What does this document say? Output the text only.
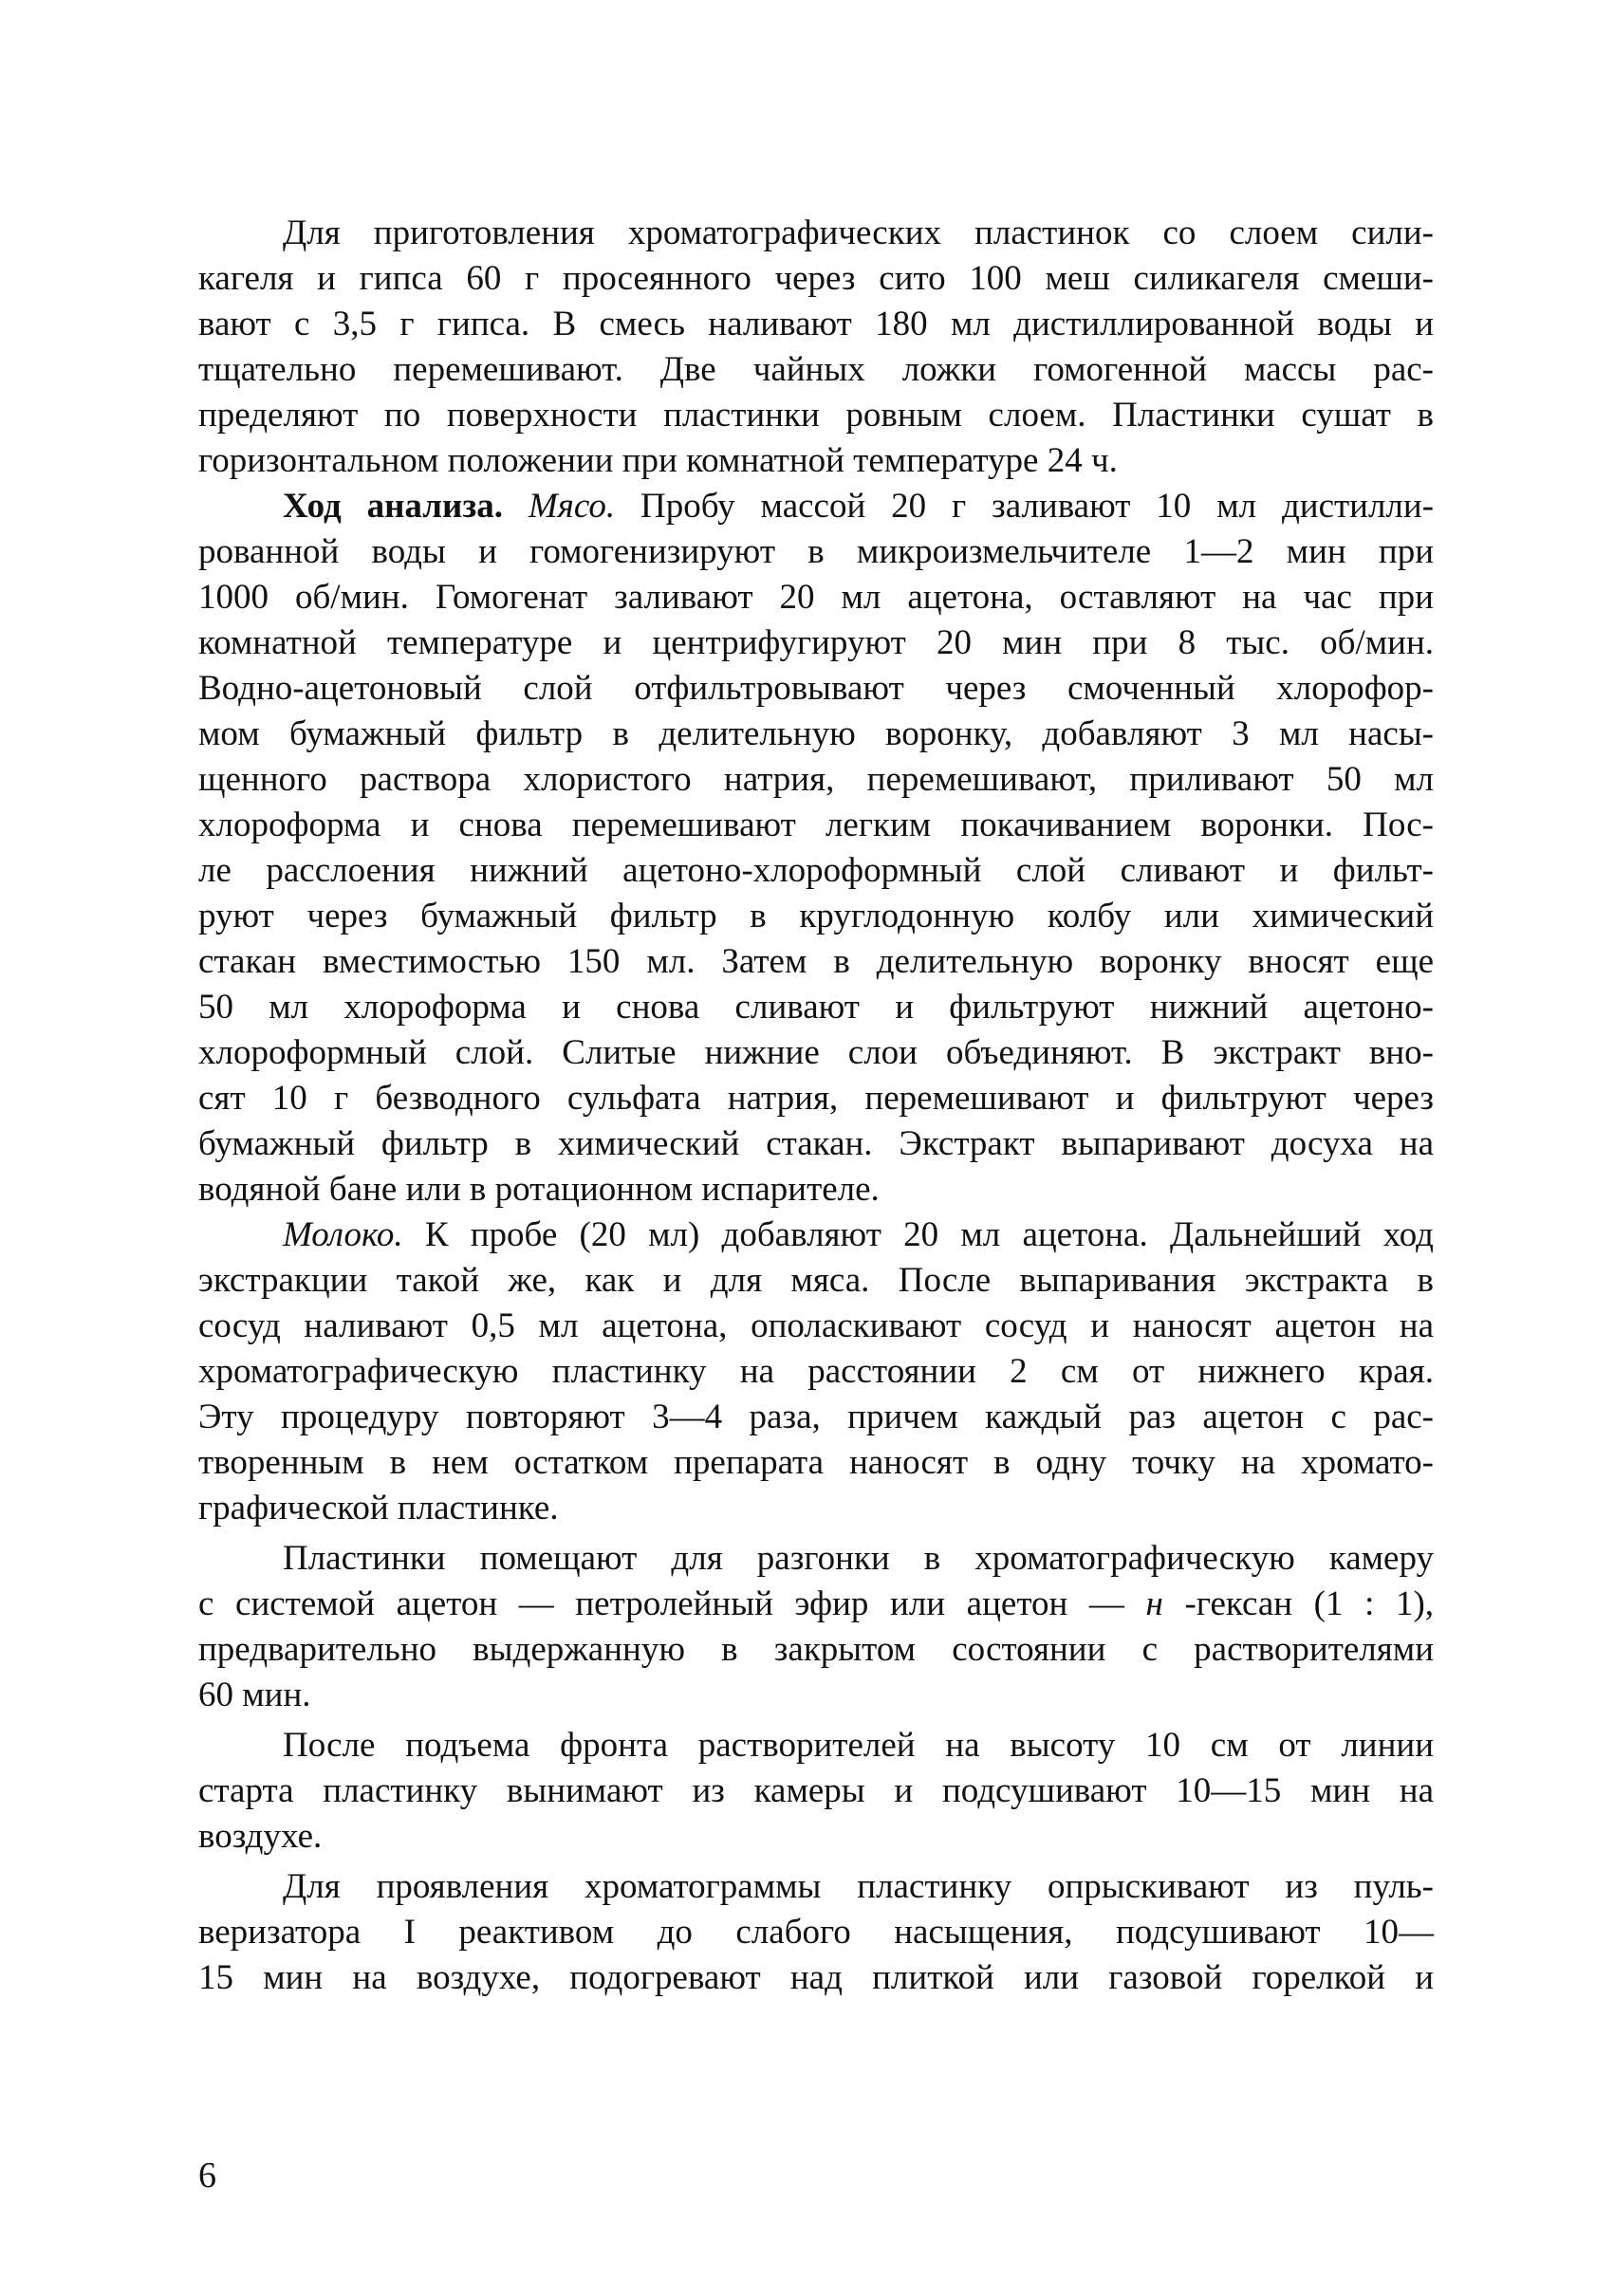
Для приготовления хроматографических пластинок со слоем сили-
кагеля и гипса 60 г просеянного через сито 100 меш силикагеля смеши-
вают с 3,5 г гипса. В смесь наливают 180 мл дистиллированной воды и
тщательно перемешивают. Две чайных ложки гомогенной массы рас-
пределяют по поверхности пластинки ровным слоем. Пластинки сушат в
горизонтальном положении при комнатной температуре 24 ч.
Ход анализа. Мясо. Пробу массой 20 г заливают 10 мл дистилли-
рованной воды и гомогенизируют в микроизмельчителе 1—2 мин при
1000 об/мин. Гомогенат заливают 20 мл ацетона, оставляют на час при
комнатной температуре и центрифугируют 20 мин при 8 тыс. об/мин.
Водно-ацетоновый слой отфильтровывают через смоченный хлорофор-
мом бумажный фильтр в делительную воронку, добавляют 3 мл насы-
щенного раствора хлористого натрия, перемешивают, приливают 50 мл
хлороформа и снова перемешивают легким покачиванием воронки. Пос-
ле расслоения нижний ацетоно-хлороформный слой сливают и фильт-
руют через бумажный фильтр в круглодонную колбу или химический
стакан вместимостью 150 мл. Затем в делительную воронку вносят еще
50 мл хлороформа и снова сливают и фильтруют нижний ацетоно-
хлороформный слой. Слитые нижние слои объединяют. В экстракт вно-
сят 10 г безводного сульфата натрия, перемешивают и фильтруют через
бумажный фильтр в химический стакан. Экстракт выпаривают досуха на
водяной бане или в ротационном испарителе.
Молоко. К пробе (20 мл) добавляют 20 мл ацетона. Дальнейший ход
экстракции такой же, как и для мяса. После выпаривания экстракта в
сосуд наливают 0,5 мл ацетона, ополаскивают сосуд и наносят ацетон на
хроматографическую пластинку на расстоянии 2 см от нижнего края.
Эту процедуру повторяют 3—4 раза, причем каждый раз ацетон с рас-
творенным в нем остатком препарата наносят в одну точку на хромато-
графической пластинке.
Пластинки помещают для разгонки в хроматографическую камеру
с системой ацетон — петролейный эфир или ацетон — н -гексан (1 : 1),
предварительно выдержанную в закрытом состоянии с растворителями
60 мин.
После подъема фронта растворителей на высоту 10 см от линии
старта пластинку вынимают из камеры и подсушивают 10—15 мин на
воздухе.
Для проявления хроматограммы пластинку опрыскивают из пуль-
веризатора I реактивом до слабого насыщения, подсушивают 10—
15 мин на воздухе, подогревают над плиткой или газовой горелкой и
6
